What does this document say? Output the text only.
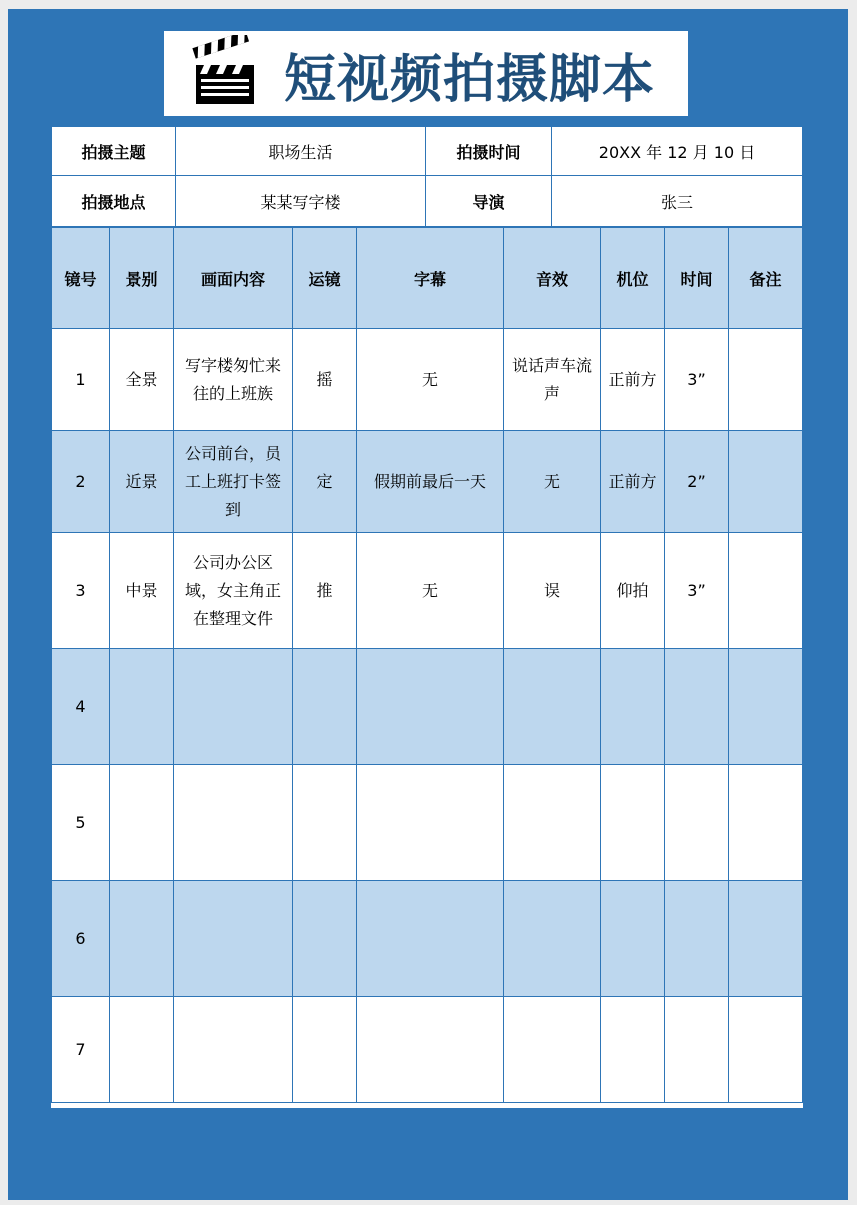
短视频拍摄脚本
拍摄主题	职场生活	拍摄时间	20XX 年 12 月 10 日
拍摄地点	某某写字楼	导演	张三
镜号	景别	画面内容	运镜	字幕	音效	机位	时间	备注
1	全景	写字楼匆忙来往的上班族	摇	无	说话声车流声	正前方	3”	
2	近景	公司前台，员工上班打卡签到	定	假期前最后一天	无	正前方	2”	
3	中景	公司办公区域，女主角正在整理文件	推	无	误	仰拍	3”	
4								
5								
6								
7								
